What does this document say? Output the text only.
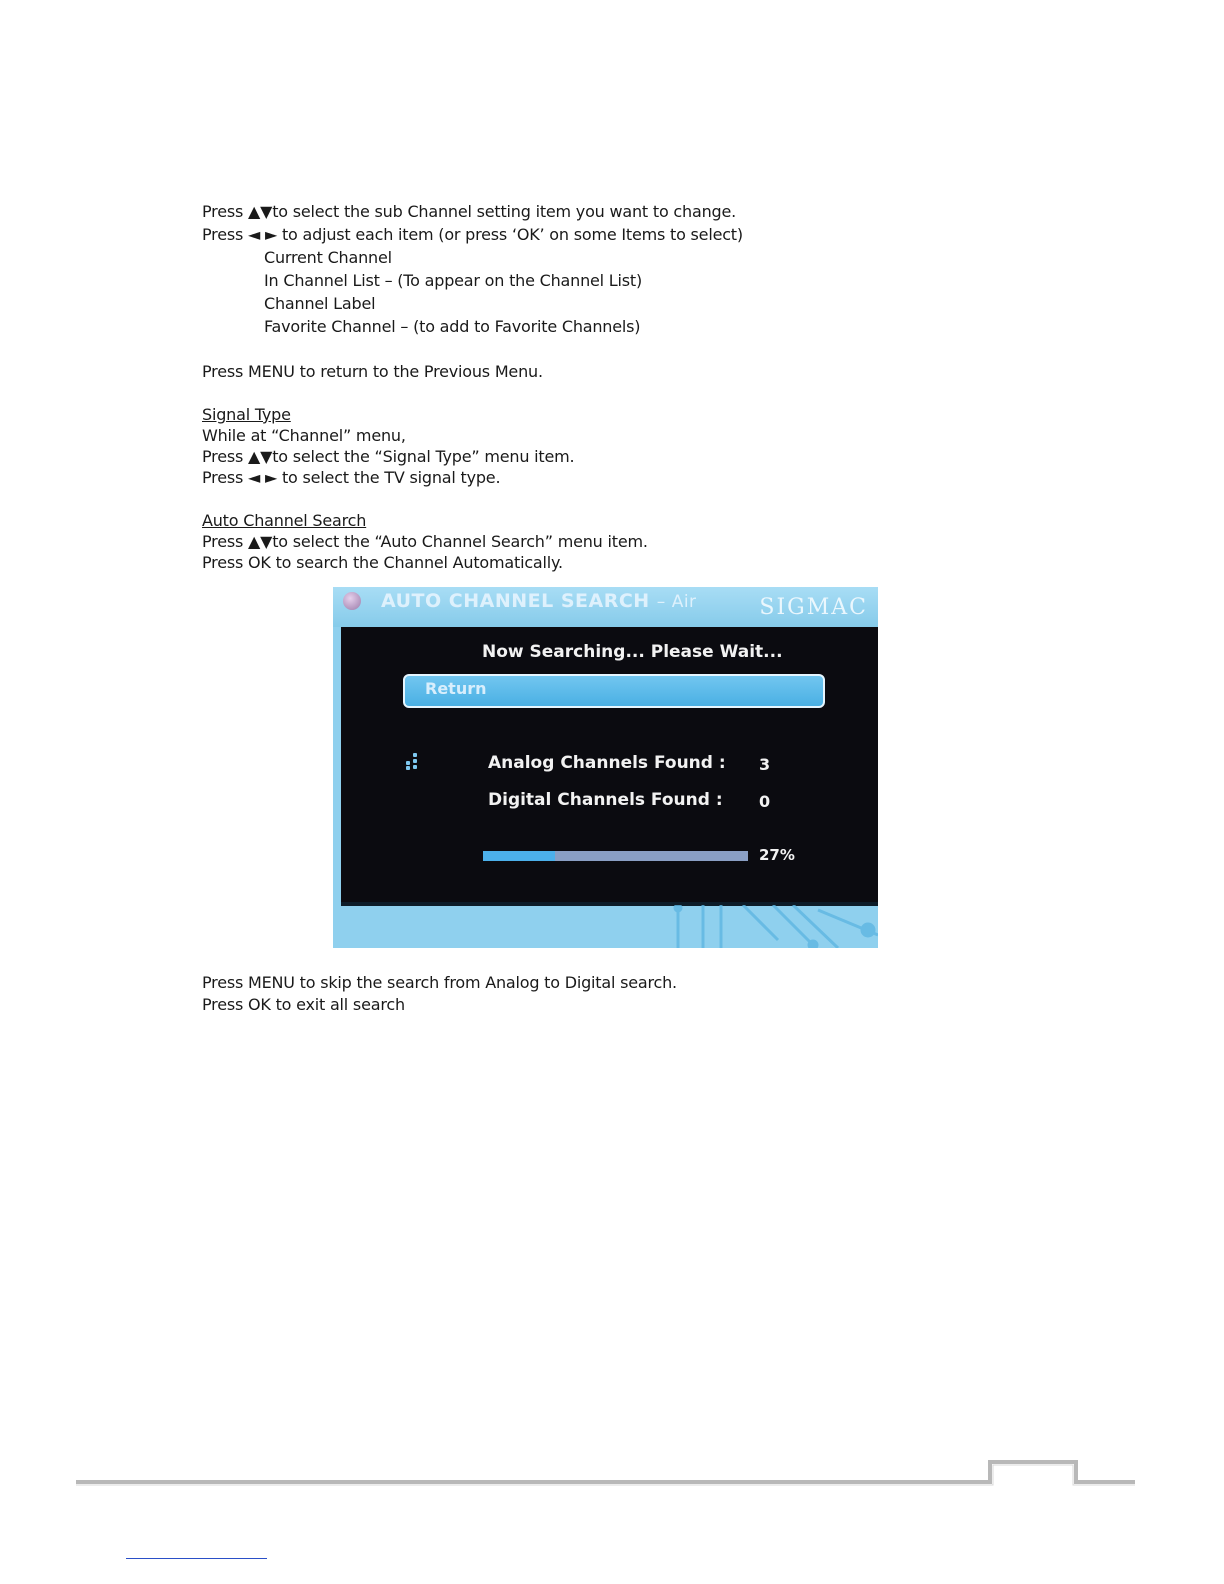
Press ▲▼to select the sub Channel setting item you want to change.
Press ◄ ► to adjust each item (or press ‘OK’ on some Items to select)
Current Channel
In Channel List – (To appear on the Channel List)
Channel Label
Favorite Channel – (to add to Favorite Channels)
Press MENU to return to the Previous Menu.
Signal Type
While at “Channel” menu,
Press ▲▼to select the “Signal Type” menu item.
Press ◄ ► to select the TV signal type.
Auto Channel Search
Press ▲▼to select the “Auto Channel Search” menu item.
Press OK to search the Channel Automatically.
AUTO CHANNEL SEARCH – Air	SIGMAC
Now Searching... Please Wait...
Return
Analog Channels Found : 3
Digital Channels Found : 0
27%
Press MENU to skip the search from Analog to Digital search.
Press OK to exit all search
